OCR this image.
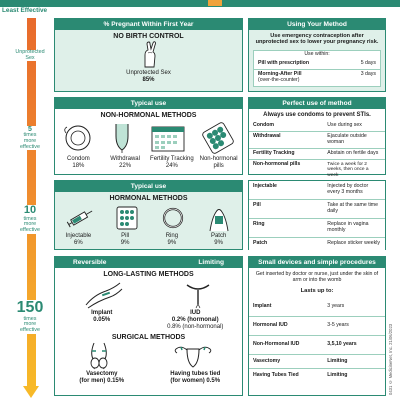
Least Effective
Unprotected
Sex
5
times
more
effective
10
times
more
effective
150
times
more
effective
% Pregnant Within First Year
NO BIRTH CONTROL
Unprotected Sex
85%
Using Your Method
Use emergency contraception after unprotected sex to lower your pregnancy risk.
Use within:
Pill with prescription	5 days
Morning-After Pill
(over-the-counter)
3 days
Typical use
NON-HORMONAL METHODS
Condom
18%
Withdrawal
22%
Fertility Tracking 24%
Non-hormonal pills
Perfect use of method
Always use condoms to prevent STIs.
Condom	Use during sex
Withdrawal	Ejaculate outside woman
Fertility Tracking	Abstain on fertile days
Non-hormonal pills	Twice a week for 2 weeks, then once a week
Typical use
HORMONAL METHODS
Injectable
6%
Pill
9%
Ring
9%
Patch
9%
Injectable	Injected by doctor every 3 months
Pill	Take at the same time daily
Ring	Replace in vagina monthly
Patch	Replace sticker weekly
Reversible	Limiting
LONG-LASTING METHODS
Implant
0.05%
IUD
0.2% (hormonal)
0.8% (non-hormonal)
SURGICAL METHODS
Vasectomy
(for men) 0.15%
Having tubes tied
(for women) 0.5%
Small devices and simple procedures
Get inserted by doctor or nurse, just under the skin of arm or into the womb
Lasts up to:
Implant	3 years
Hormonal IUD	3-5 years
Non-Hormonal IUD	3,5,10 years
Vasectomy	Limiting
Having Tubes Tied	Limiting	0431 © MedicineNet, Inc. 21/06/2023
